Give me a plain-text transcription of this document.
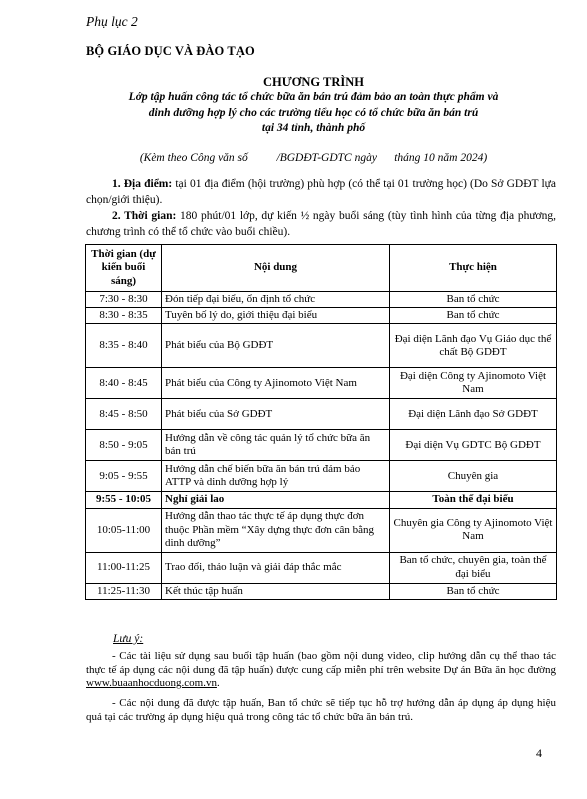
Phụ lục 2
BỘ GIÁO DỤC VÀ ĐÀO TẠO
CHƯƠNG TRÌNH
Lớp tập huấn công tác tổ chức bữa ăn bán trú đảm bảo an toàn thực phẩm và
dinh dưỡng hợp lý cho các trường tiểu học có tổ chức bữa ăn bán trú
tại 34 tỉnh, thành phố
(Kèm theo Công văn số          /BGDĐT-GDTC ngày      tháng 10 năm 2024)
1. Địa điểm: tại 01 địa điểm (hội trường) phù hợp (có thể tại 01 trường học) (Do Sở GDĐT lựa chọn/giới thiệu).
2. Thời gian: 180 phút/01 lớp, dự kiến ½ ngày buổi sáng (tùy tình hình của từng địa phương, chương trình có thể tổ chức vào buổi chiều).
Thời gian (dự kiến buổi sáng)	Nội dung	Thực hiện
7:30 - 8:30	Đón tiếp đại biểu, ổn định tổ chức	Ban tổ chức
8:30 - 8:35	Tuyên bố lý do, giới thiệu đại biểu	Ban tổ chức
8:35 - 8:40	Phát biểu của Bộ GDĐT	Đại diện Lãnh đạo Vụ Giáo dục thể chất Bộ GDĐT
8:40 - 8:45	Phát biểu của Công ty Ajinomoto Việt Nam	Đại diện Công ty Ajinomoto Việt Nam
8:45 - 8:50	Phát biểu của Sở GDĐT	Đại diện Lãnh đạo Sở GDĐT
8:50 - 9:05	Hướng dẫn về công tác quản lý tổ chức bữa ăn bán trú	Đại diện Vụ GDTC Bộ GDĐT
9:05 - 9:55	Hướng dẫn chế biến bữa ăn bán trú đảm bảo ATTP và dinh dưỡng hợp lý	Chuyên gia
9:55 - 10:05	Nghỉ giải lao	Toàn thể đại biểu
10:05-11:00	Hướng dẫn thao tác thực tế áp dụng thực đơn thuộc Phần mềm “Xây dựng thực đơn cân bằng dinh dưỡng”	Chuyên gia Công ty Ajinomoto Việt Nam
11:00-11:25	Trao đổi, thảo luận và giải đáp thắc mắc	Ban tổ chức, chuyên gia, toàn thể đại biểu
11:25-11:30	Kết thúc tập huấn	Ban tổ chức
Lưu ý:
- Các tài liệu sử dụng sau buổi tập huấn (bao gồm nội dung video, clip hướng dẫn cụ thể thao tác thực tế áp dụng các nội dung đã tập huấn) được cung cấp miễn phí trên website Dự án Bữa ăn học đường www.buaanhocduong.com.vn.
- Các nội dung đã được tập huấn, Ban tổ chức sẽ tiếp tục hỗ trợ hướng dẫn áp dụng áp dụng hiệu quả tại các trường áp dụng hiệu quả trong công tác tổ chức bữa ăn bán trú.
4
